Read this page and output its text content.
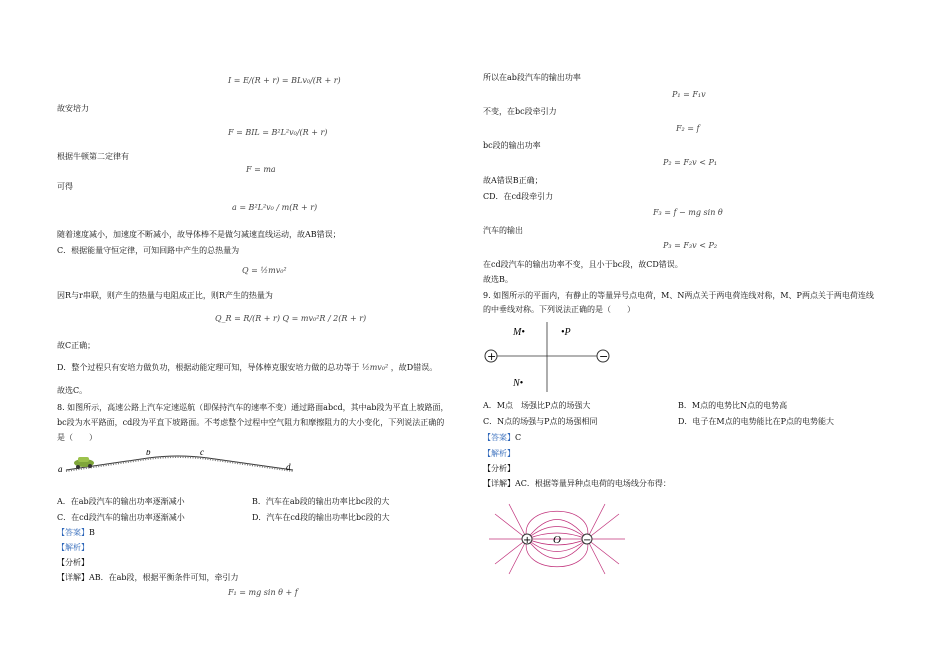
I = E/(R + r) = BLv₀/(R + r)
故安培力
F = BIL = B²L²v₀/(R + r)
根据牛顿第二定律有
F = ma
可得
a = B²L²v₀ / m(R + r)
随着速度减小，加速度不断减小，故导体棒不是做匀减速直线运动，故AB错误；
C．根据能量守恒定律，可知回路中产生的总热量为
Q = ½mv₀²
因R与r串联，则产生的热量与电阻成正比，则R产生的热量为
Q_R = R/(R + r) Q = mv₀²R / 2(R + r)
故C正确；
D．整个过程只有安培力做负功，根据动能定理可知，导体棒克服安培力做的总功等于 ½mv₀² ，故D错误。
故选C。
8. 如图所示，高速公路上汽车定速巡航（即保持汽车的速率不变）通过路面abcd，其中ab段为平直上坡路面，
bc段为水平路面，cd段为平直下坡路面。不考虑整个过程中空气阻力和摩擦阻力的大小变化，下列说法正确的
是（　　）
a
b	c
d
A．在ab段汽车的输出功率逐渐减小	B．汽车在ab段的输出功率比bc段的大
C．在cd段汽车的输出功率逐渐减小	D．汽车在cd段的输出功率比bc段的大
【答案】B
【解析】
【分析】
【详解】AB．在ab段，根据平衡条件可知，牵引力
F₁ = mg sin θ + f
所以在ab段汽车的输出功率
P₁ = F₁v
不变，在bc段牵引力
F₂ = f
bc段的输出功率
P₂ = F₂v < P₁
故A错误B正确；
CD．在cd段牵引力
F₃ = f − mg sin θ
汽车的输出
P₃ = F₃v < P₂
在cd段汽车的输出功率不变，且小于bc段，故CD错误。
故选B。
9. 如图所示的平面内，有静止的等量异号点电荷，M、N两点关于两电荷连线对称，M、P两点关于两电荷连线
的中垂线对称。下列说法正确的是（　　）
+	−
M•	•P
N•
A．M点　场强比P点的场强大	B．M点的电势比N点的电势高
C．N点的场强与P点的场强相同	D．电子在M点的电势能比在P点的电势能大
【答案】C
【解析】
【分析】
【详解】AC．根据等量异种点电荷的电场线分布得：
+	−
O
